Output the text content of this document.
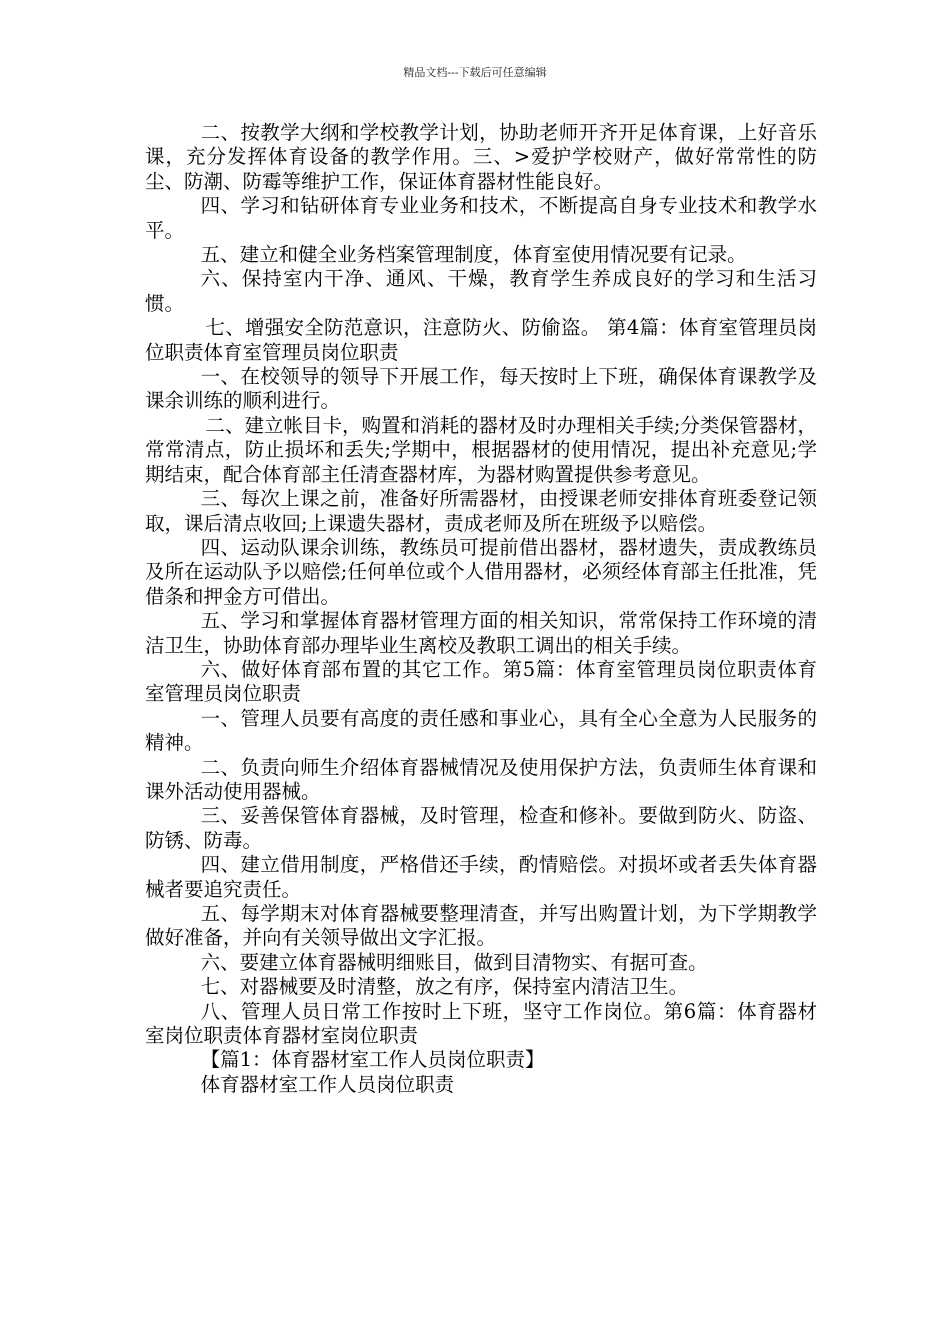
精品文档---下载后可任意编辑

二、按教学大纲和学校教学计划，协助老师开齐开足体育课，上好音乐课，充分发挥体育设备的教学作用。三、>爱护学校财产，做好常常性的防尘、防潮、防霉等维护工作，保证体育器材性能良好。

四、学习和钻研体育专业业务和技术，不断提高自身专业技术和教学水平。

五、建立和健全业务档案管理制度，体育室使用情况要有记录。

六、保持室内干净、通风、干燥，教育学生养成良好的学习和生活习惯。

七、增强安全防范意识，注意防火、防偷盗。 第4篇：体育室管理员岗位职责体育室管理员岗位职责

一、在校领导的领导下开展工作，每天按时上下班，确保体育课教学及课余训练的顺利进行。

二、建立帐目卡，购置和消耗的器材及时办理相关手续;分类保管器材，常常清点，防止损坏和丢失;学期中，根据器材的使用情况，提出补充意见;学期结束，配合体育部主任清查器材库，为器材购置提供参考意见。

三、每次上课之前，准备好所需器材，由授课老师安排体育班委登记领取，课后清点收回;上课遗失器材，责成老师及所在班级予以赔偿。

四、运动队课余训练，教练员可提前借出器材，器材遗失，责成教练员及所在运动队予以赔偿;任何单位或个人借用器材，必须经体育部主任批准，凭借条和押金方可借出。

五、学习和掌握体育器材管理方面的相关知识，常常保持工作环境的清洁卫生，协助体育部办理毕业生离校及教职工调出的相关手续。

六、做好体育部布置的其它工作。第5篇：体育室管理员岗位职责体育室管理员岗位职责

一、管理人员要有高度的责任感和事业心，具有全心全意为人民服务的精神。

二、负责向师生介绍体育器械情况及使用保护方法，负责师生体育课和课外活动使用器械。

三、妥善保管体育器械，及时管理，检查和修补。要做到防火、防盗、防锈、防毒。

四、建立借用制度，严格借还手续，酌情赔偿。对损坏或者丢失体育器械者要追究责任。

五、每学期末对体育器械要整理清查，并写出购置计划，为下学期教学做好准备，并向有关领导做出文字汇报。

六、要建立体育器械明细账目，做到目清物实、有据可查。

七、对器械要及时清整，放之有序，保持室内清洁卫生。

八、管理人员日常工作按时上下班，坚守工作岗位。第6篇：体育器材室岗位职责体育器材室岗位职责

【篇1：体育器材室工作人员岗位职责】

体育器材室工作人员岗位职责
